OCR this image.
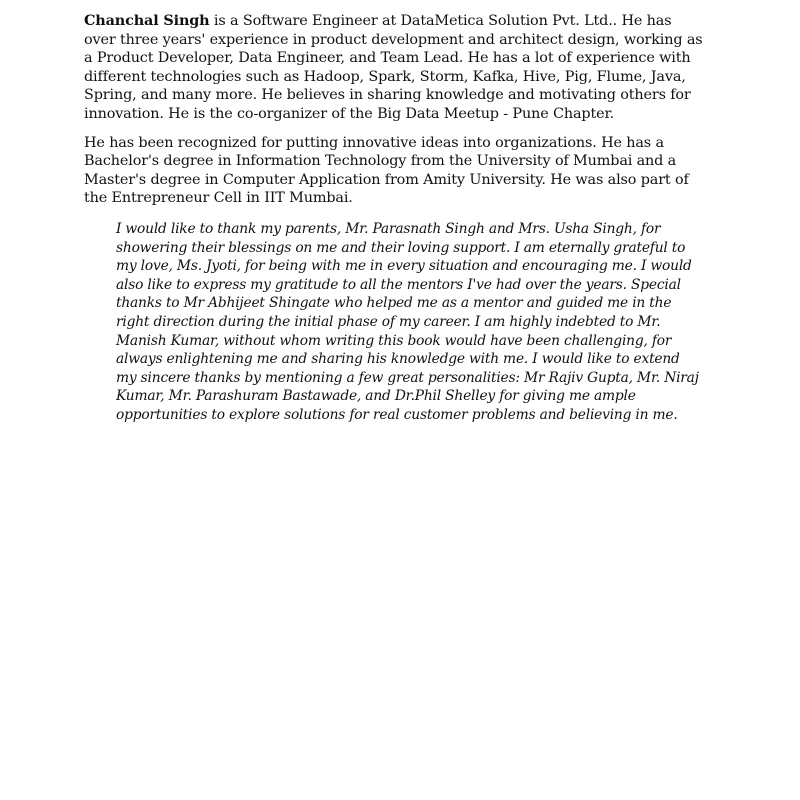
Chanchal Singh is a Software Engineer at DataMetica Solution Pvt. Ltd.. He has over three years' experience in product development and architect design, working as a Product Developer, Data Engineer, and Team Lead. He has a lot of experience with different technologies such as Hadoop, Spark, Storm, Kafka, Hive, Pig, Flume, Java, Spring, and many more. He believes in sharing knowledge and motivating others for innovation. He is the co-organizer of the Big Data Meetup - Pune Chapter.

He has been recognized for putting innovative ideas into organizations. He has a Bachelor's degree in Information Technology from the University of Mumbai and a Master's degree in Computer Application from Amity University. He was also part of the Entrepreneur Cell in IIT Mumbai.

I would like to thank my parents, Mr. Parasnath Singh and Mrs. Usha Singh, for showering their blessings on me and their loving support. I am eternally grateful to my love, Ms. Jyoti, for being with me in every situation and encouraging me. I would also like to express my gratitude to all the mentors I've had over the years. Special thanks to Mr Abhijeet Shingate who helped me as a mentor and guided me in the right direction during the initial phase of my career. I am highly indebted to Mr. Manish Kumar, without whom writing this book would have been challenging, for always enlightening me and sharing his knowledge with me. I would like to extend my sincere thanks by mentioning a few great personalities: Mr Rajiv Gupta, Mr. Niraj Kumar, Mr. Parashuram Bastawade, and Dr.Phil Shelley for giving me ample opportunities to explore solutions for real customer problems and believing in me.
